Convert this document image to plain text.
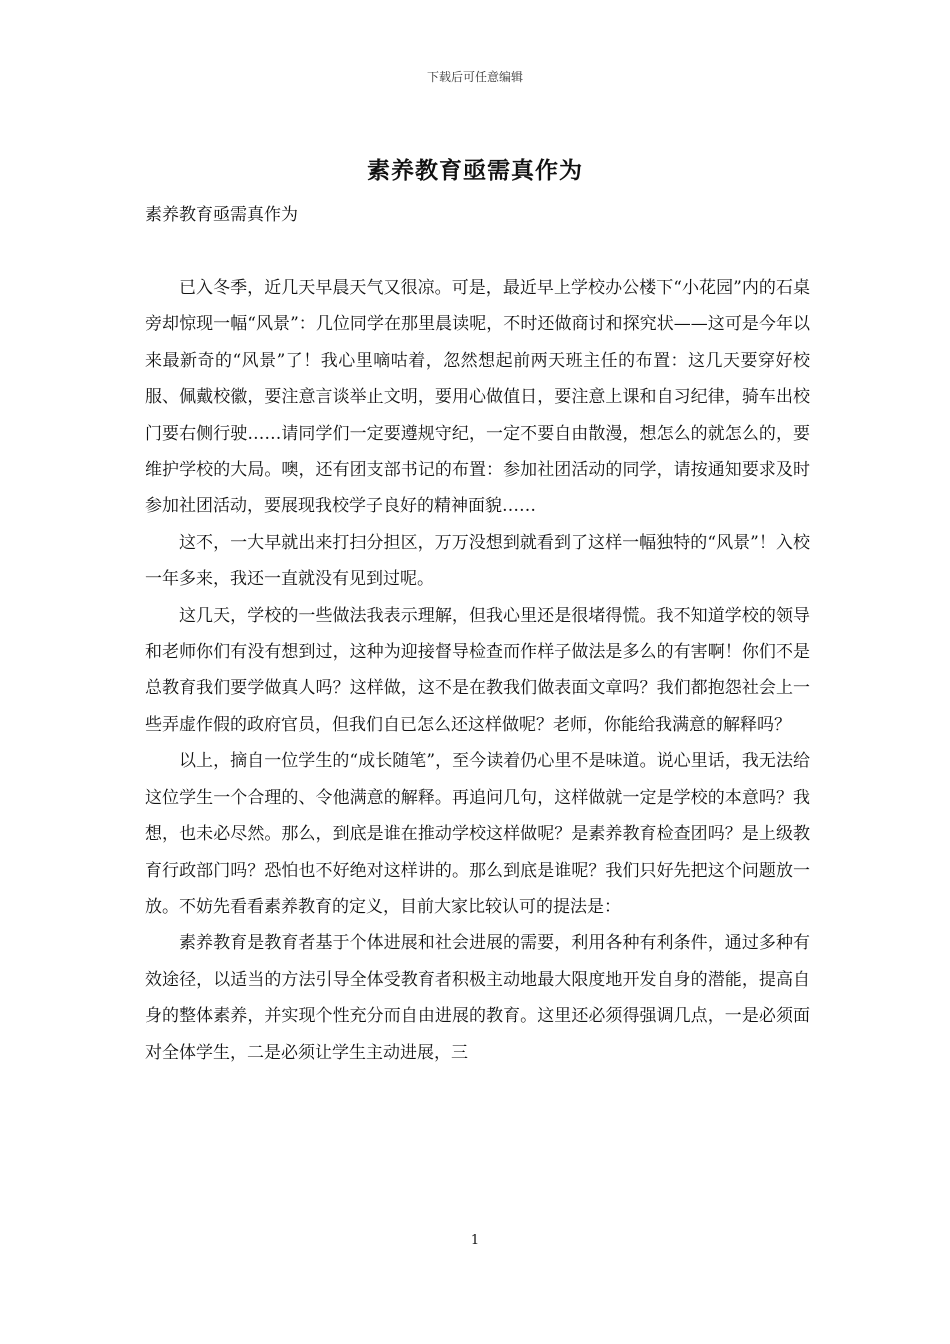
下载后可任意编辑
素养教育亟需真作为
素养教育亟需真作为

已入冬季，近几天早晨天气又很凉。可是，最近早上学校办公楼下“小花园”内的石桌旁却惊现一幅“风景”：几位同学在那里晨读呢，不时还做商讨和探究状——这可是今年以来最新奇的“风景”了！我心里嘀咕着，忽然想起前两天班主任的布置：这几天要穿好校服、佩戴校徽，要注意言谈举止文明，要用心做值日，要注意上课和自习纪律，骑车出校门要右侧行驶……请同学们一定要遵规守纪，一定不要自由散漫，想怎么的就怎么的，要维护学校的大局。噢，还有团支部书记的布置：参加社团活动的同学，请按通知要求及时参加社团活动，要展现我校学子良好的精神面貌……

这不，一大早就出来打扫分担区，万万没想到就看到了这样一幅独特的“风景”！入校一年多来，我还一直就没有见到过呢。

这几天，学校的一些做法我表示理解，但我心里还是很堵得慌。我不知道学校的领导和老师你们有没有想到过，这种为迎接督导检查而作样子做法是多么的有害啊！你们不是总教育我们要学做真人吗？这样做，这不是在教我们做表面文章吗？我们都抱怨社会上一些弄虚作假的政府官员，但我们自已怎么还这样做呢？老师，你能给我满意的解释吗？

以上，摘自一位学生的“成长随笔”，至今读着仍心里不是味道。说心里话，我无法给这位学生一个合理的、令他满意的解释。再追问几句，这样做就一定是学校的本意吗？我想，也未必尽然。那么，到底是谁在推动学校这样做呢？是素养教育检查团吗？是上级教育行政部门吗？恐怕也不好绝对这样讲的。那么到底是谁呢？我们只好先把这个问题放一放。不妨先看看素养教育的定义，目前大家比较认可的提法是：

素养教育是教育者基于个体进展和社会进展的需要，利用各种有利条件，通过多种有效途径，以适当的方法引导全体受教育者积极主动地最大限度地开发自身的潜能，提高自身的整体素养，并实现个性充分而自由进展的教育。这里还必须得强调几点，一是必须面对全体学生，二是必须让学生主动进展，三

1
